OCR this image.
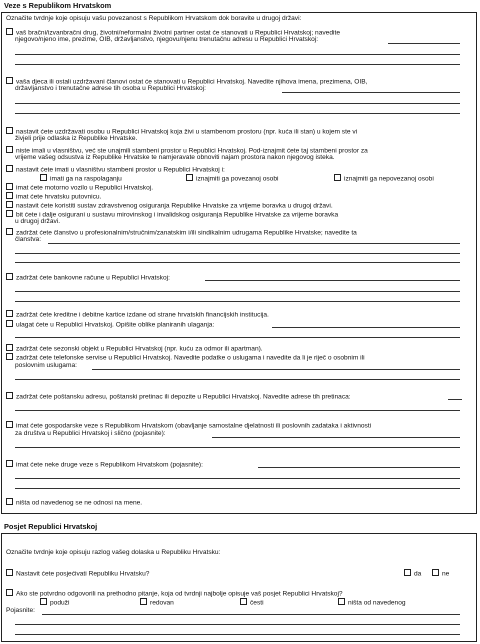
Veze s Republikom Hrvatskom
Označite tvrdnje koje opisuju vašu povezanost s Republikom Hrvatskom dok boravite u drugoj državi:
vaš bračni/izvanbračni drug, životni/neformalni životni partner ostat će stanovati u Republici Hrvatskoj; navedite
njegovo/njeno ime, prezime, OIB, državljanstvo, njegovu/njenu trenutačnu adresu u Republici Hrvatskoj:
vaša djeca ili ostali uzdržavani članovi ostat će stanovati u Republici Hrvatskoj. Navedite njihova imena, prezimena, OIB,
državljanstvo i trenutačne adrese tih osoba u Republici Hrvatskoj:
nastavit ćete uzdržavati osobu u Republici Hrvatskoj koja živi u stambenom prostoru (npr. kuća ili stan) u kojem ste vi
živjeli prije odlaska iz Republike Hrvatske.
niste imali u vlasništvu, već ste unajmili stambeni prostor u Republici Hrvatskoj. Pod-iznajmit ćete taj stambeni prostor za
vrijeme vašeg odsustva iz Republike Hrvatske te namjeravate obnoviti najam prostora nakon njegovog isteka.
nastavit ćete imati u vlasništvu stambeni prostor u Republici Hrvatskoj i:
imati ga na raspolaganju	iznajmiti ga povezanoj osobi	iznajmiti ga nepovezanoj osobi
imat ćete motorno vozilo u Republici Hrvatskoj.
imat ćete hrvatsku putovnicu.
nastavit ćete koristiti sustav zdravstvenog osiguranja Republike Hrvatske za vrijeme boravka u drugoj državi.
bit ćete i dalje osigurani u sustavu mirovinskog i invalidskog osiguranja Republike Hrvatske za vrijeme boravka
u drugoj državi.
zadržat ćete članstvo u profesionalnim/stručnim/zanatskim i/ili sindikalnim udrugama Republike Hrvatske; navedite ta
članstva:
zadržat ćete bankovne račune u Republici Hrvatskoj:
zadržat ćete kreditne i debitne kartice izdane od strane hrvatskih financijskih institucija.
ulagat ćete u Republici Hrvatskoj. Opišite oblike planiranih ulaganja:
zadržat ćete sezonski objekt u Republici Hrvatskoj (npr. kuću za odmor ili apartman).
zadržat ćete telefonske servise u Republici Hrvatskoj. Navedite podatke o uslugama i navedite da li je riječ o osobnim ili
poslovnim uslugama:
zadržat ćete poštansku adresu, poštanski pretinac ili depozite u Republici Hrvatskoj. Navedite adrese tih pretinaca:
imat ćete gospodarske veze s Republikom Hrvatskom (obavljanje samostalne djelatnosti ili poslovnih zadataka i aktivnosti
za društva u Republici Hrvatskoj i slično (pojasnite):
imat ćete neke druge veze s Republikom Hrvatskom (pojasnite):
ništa od navedenog se ne odnosi na mene.
Posjet Republici Hrvatskoj
Označite tvrdnje koje opisuju razlog vašeg dolaska u Republiku Hrvatsku:
Nastavit ćete posjećivati Republiku Hrvatsku?	da	ne
Ako ste potvrdno odgovorili na prethodno pitanje, koja od tvrdnji najbolje opisuje vaš posjet Republici Hrvatskoj?
poduži	redovan	česti	ništa od navedenog
Pojasnite:
